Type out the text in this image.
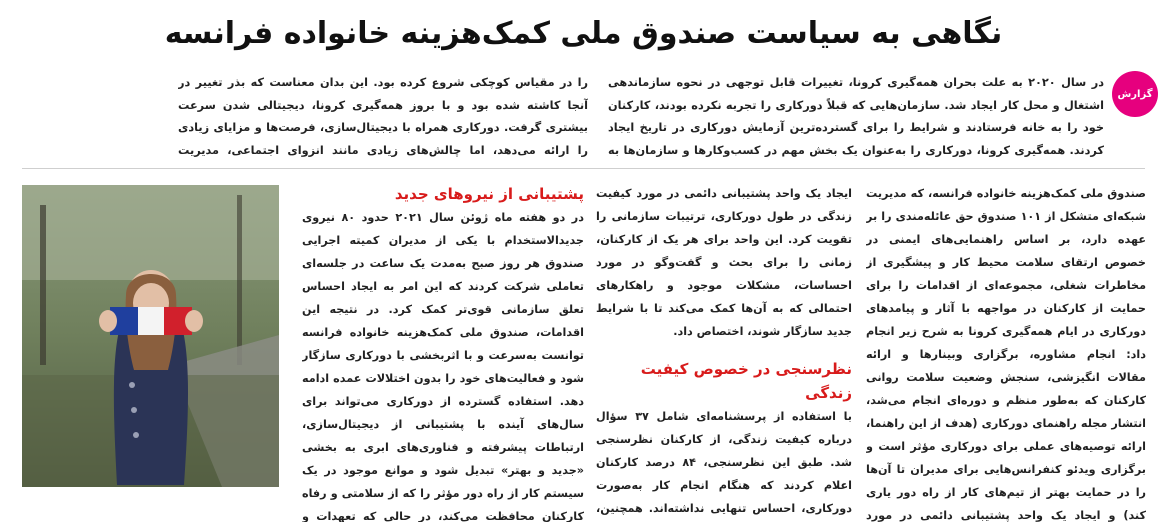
نگاهی به سیاست صندوق ملی کمک‌هزینه خانواده فرانسه
گزارش

در سال ۲۰۲۰ به علت بحران همه‌گیری کرونا، تغییرات قابل توجهی در نحوه سازماندهی اشتغال و محل کار ایجاد شد. سازمان‌هایی که قبلاً دورکاری را تجربه نکرده بودند، کارکنان خود را به خانه فرستادند و شرایط را برای گسترده‌ترین آزمایش دورکاری در تاریخ ایجاد کردند. همه‌گیری کرونا، دورکاری را به‌عنوان یک بخش مهم در کسب‌وکارها و سازمان‌ها به

را در مقیاس کوچکی شروع کرده بود. این بدان معناست که بذر تغییر در آنجا کاشته شده بود و با بروز همه‌گیری کرونا، دیجیتالی شدن سرعت بیشتری گرفت. دورکاری همراه با دیجیتال‌سازی، فرصت‌ها و مزایای زیادی را ارائه می‌دهد، اما چالش‌های زیادی مانند انزوای اجتماعی، مدیریت

صندوق ملی کمک‌هزینه خانواده فرانسه، که مدیریت شبکه‌ای متشکل از ۱۰۱ صندوق حق عائله‌مندی را بر عهده دارد، بر اساس راهنمایی‌های ایمنی در خصوص ارتقای سلامت محیط کار و پیشگیری از مخاطرات شغلی، مجموعه‌ای از اقدامات را برای حمایت از کارکنان در مواجهه با آثار و پیامدهای دورکاری در ایام همه‌گیری کرونا به شرح زیر انجام داد: انجام مشاوره، برگزاری وبینارها و ارائه مقالات انگیزشی، سنجش وضعیت سلامت روانی کارکنان که به‌طور منظم و دوره‌ای انجام می‌شد، انتشار مجله راهنمای دورکاری (هدف از این راهنما، ارائه توصیه‌های عملی برای دورکاری مؤثر است و برگزاری ویدئو کنفرانس‌هایی برای مدیران تا آن‌ها را در حمایت بهتر از تیم‌های کار از راه دور یاری کند) و ایجاد یک واحد پشتیبانی دائمی در مورد

ایجاد یک واحد پشتیبانی دائمی در مورد کیفیت زندگی در طول دورکاری، ترتیبات سازمانی را تقویت کرد. این واحد برای هر یک از کارکنان، زمانی را برای بحث و گفت‌وگو در مورد احساسات، مشکلات موجود و راهکارهای احتمالی که به آن‌ها کمک می‌کند تا با شرایط جدید سازگار شوند، اختصاص داد.

نظرسنجی در خصوص کیفیت زندگی

با استفاده از پرسشنامه‌ای شامل ۳۷ سؤال درباره کیفیت زندگی، از کارکنان نظرسنجی شد. طبق این نظرسنجی، ۸۴ درصد کارکنان اعلام کردند که هنگام انجام کار به‌صورت دورکاری، احساس تنهایی نداشته‌اند. همچنین،

پشتیبانی از نیروهای جدید

در دو هفته ماه ژوئن سال ۲۰۲۱ حدود ۸۰ نیروی جدیدالاستخدام با یکی از مدیران کمیته اجرایی صندوق هر روز صبح به‌مدت یک ساعت در جلسه‌ای تعاملی شرکت کردند که این امر به ایجاد احساس تعلق سازمانی قوی‌تر کمک کرد. در نتیجه این اقدامات، صندوق ملی کمک‌هزینه خانواده فرانسه توانست به‌سرعت و با اثربخشی با دورکاری سازگار شود و فعالیت‌های خود را بدون اختلالات عمده ادامه دهد. استفاده گسترده از دورکاری می‌تواند برای سال‌های آینده با پشتیبانی از دیجیتال‌سازی، ارتباطات پیشرفته و فناوری‌های ابری به بخشی «جدید و بهتر» تبدیل شود و موانع موجود در یک سیستم کار از راه دور مؤثر را که از سلامتی و رفاه کارکنان محافظت می‌کند، در حالی که تعهدات و
